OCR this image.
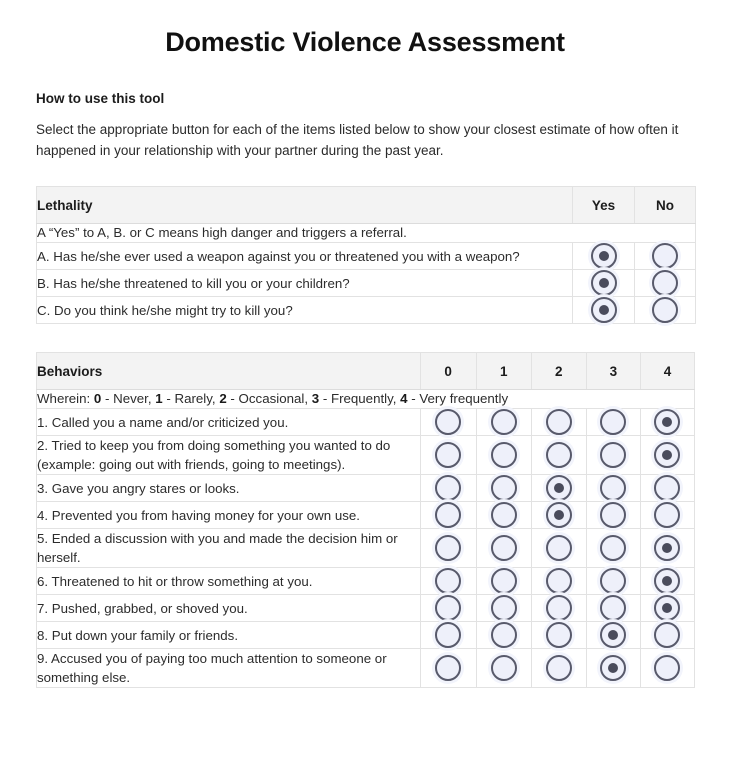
Domestic Violence Assessment
How to use this tool
Select the appropriate button for each of the items listed below to show your closest estimate of how often it happened in your relationship with your partner during the past year.
Lethality	Yes	No
A “Yes” to A, B. or C means high danger and triggers a referral.		
A. Has he/she ever used a weapon against you or threatened you with a weapon?		
B. Has he/she threatened to kill you or your children?		
C. Do you think he/she might try to kill you?		
Behaviors	0	1	2	3	4
Wherein: 0 - Never, 1 - Rarely, 2 - Occasional, 3 - Frequently, 4 - Very frequently					
1. Called you a name and/or criticized you.					
2. Tried to keep you from doing something you wanted to do (example: going out with friends, going to meetings).					
3. Gave you angry stares or looks.					
4. Prevented you from having money for your own use.					
5. Ended a discussion with you and made the decision him or herself.					
6. Threatened to hit or throw something at you.					
7. Pushed, grabbed, or shoved you.					
8. Put down your family or friends.					
9. Accused you of paying too much attention to someone or something else.					
